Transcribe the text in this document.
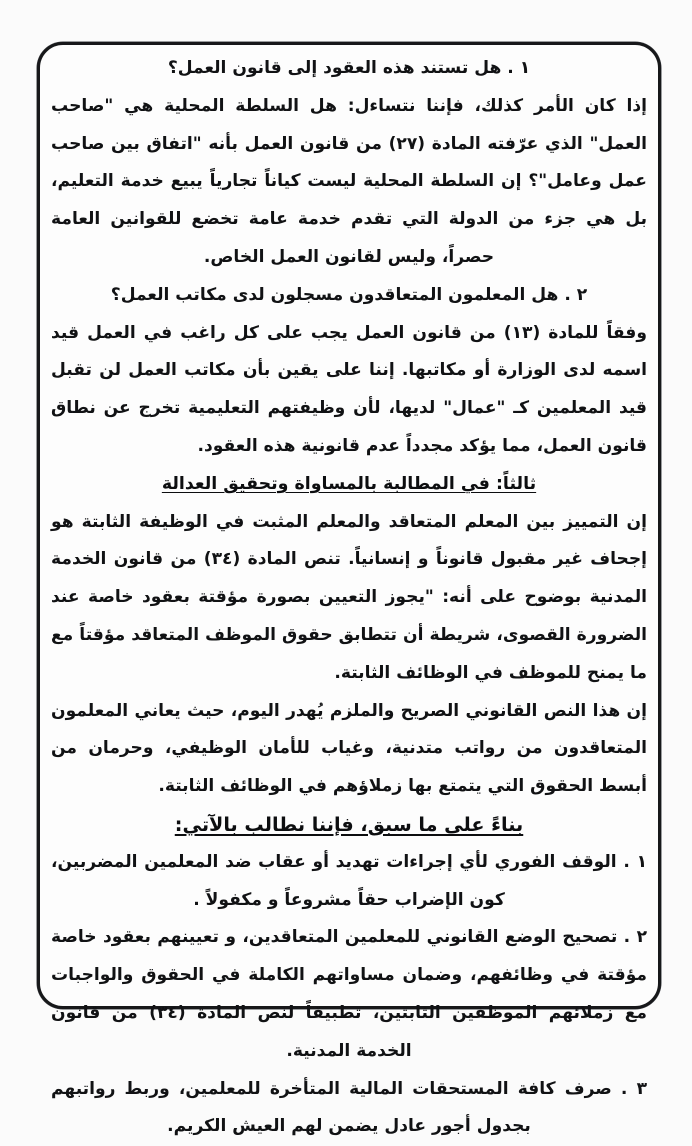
١ . هل تستند هذه العقود إلى قانون العمل؟

إذا كان الأمر كذلك، فإننا نتساءل: هل السلطة المحلية هي "صاحب العمل" الذي عرّفته المادة (٢٧) من قانون العمل بأنه "اتفاق بين صاحب عمل وعامل"؟ إن السلطة المحلية ليست كياناً تجارياً يبيع خدمة التعليم، بل هي جزء من الدولة التي تقدم خدمة عامة تخضع للقوانين العامة حصراً، وليس لقانون العمل الخاص.

٢ . هل المعلمون المتعاقدون مسجلون لدى مكاتب العمل؟

وفقاً للمادة (١٣) من قانون العمل يجب على كل راغب في العمل قيد اسمه لدى الوزارة أو مكاتبها. إننا على يقين بأن مكاتب العمل لن تقبل قيد المعلمين كـ "عمال" لديها، لأن وظيفتهم التعليمية تخرج عن نطاق قانون العمل، مما يؤكد مجدداً عدم قانونية هذه العقود.

ثالثاً: في المطالبة بالمساواة وتحقيق العدالة

إن التمييز بين المعلم المتعاقد والمعلم المثبت في الوظيفة الثابتة هو إجحاف غير مقبول قانوناً و إنسانياً. تنص المادة (٣٤) من قانون الخدمة المدنية بوضوح على أنه: "يجوز التعيين بصورة مؤقتة بعقود خاصة عند الضرورة القصوى، شريطة أن تتطابق حقوق الموظف المتعاقد مؤقتاً مع ما يمنح للموظف في الوظائف الثابتة.

إن هذا النص القانوني الصريح والملزم يُهدر اليوم، حيث يعاني المعلمون المتعاقدون من رواتب متدنية، وغياب للأمان الوظيفي، وحرمان من أبسط الحقوق التي يتمتع بها زملاؤهم في الوظائف الثابتة.

بناءً على ما سبق، فإننا نطالب بالآتي:

١ . الوقف الفوري لأي إجراءات تهديد أو عقاب ضد المعلمين المضربين، كون الإضراب حقاً مشروعاً و مكفولاً .

٢ . تصحيح الوضع القانوني للمعلمين المتعاقدين، و تعيينهم بعقود خاصة مؤقتة في وظائفهم، وضمان مساواتهم الكاملة في الحقوق والواجبات مع زملائهم الموظفين الثابتين، تطبيقاً لنص المادة (٣٤) من قانون الخدمة المدنية.

٣ . صرف كافة المستحقات المالية المتأخرة للمعلمين، وربط رواتبهم بجدول أجور عادل يضمن لهم العيش الكريم.
